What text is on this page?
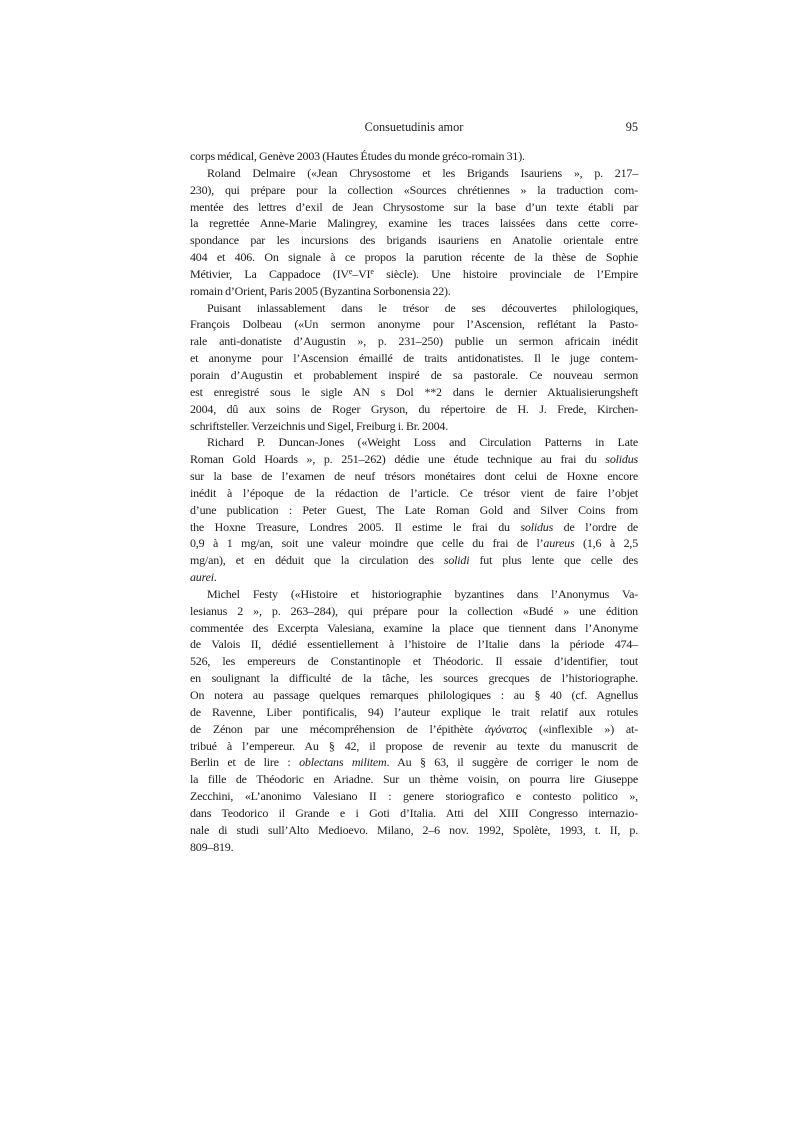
Consuetudinis amor	95
corps médical, Genève 2003 (Hautes Études du monde gréco-romain 31).
Roland Delmaire («Jean Chrysostome et les Brigands Isauriens », p. 217–
230), qui prépare pour la collection «Sources chrétiennes » la traduction com-
mentée des lettres d’exil de Jean Chrysostome sur la base d’un texte établi par
la regrettée Anne-Marie Malingrey, examine les traces laissées dans cette corre-
spondance par les incursions des brigands isauriens en Anatolie orientale entre
404 et 406. On signale à ce propos la parution récente de la thèse de Sophie
Métivier, La Cappadoce (IVe–VIe siècle). Une histoire provinciale de l’Empire
romain d’Orient, Paris 2005 (Byzantina Sorbonensia 22).
Puisant inlassablement dans le trésor de ses découvertes philologiques,
François Dolbeau («Un sermon anonyme pour l’Ascension, reflétant la Pasto-
rale anti-donatiste d’Augustin », p. 231–250) publie un sermon africain inédit
et anonyme pour l’Ascension émaillé de traits antidonatistes. Il le juge contem-
porain d’Augustin et probablement inspiré de sa pastorale. Ce nouveau sermon
est enregistré sous le sigle AN s Dol **2 dans le dernier Aktualisierungsheft
2004, dû aux soins de Roger Gryson, du répertoire de H. J. Frede, Kirchen-
schriftsteller. Verzeichnis und Sigel, Freiburg i. Br. 2004.
Richard P. Duncan-Jones («Weight Loss and Circulation Patterns in Late
Roman Gold Hoards », p. 251–262) dédie une étude technique au frai du solidus
sur la base de l’examen de neuf trésors monétaires dont celui de Hoxne encore
inédit à l’époque de la rédaction de l’article. Ce trésor vient de faire l’objet
d’une publication : Peter Guest, The Late Roman Gold and Silver Coins from
the Hoxne Treasure, Londres 2005. Il estime le frai du solidus de l’ordre de
0,9 à 1 mg/an, soit une valeur moindre que celle du frai de l’aureus (1,6 à 2,5
mg/an), et en déduit que la circulation des solidi fut plus lente que celle des
aurei.
Michel Festy («Histoire et historiographie byzantines dans l’Anonymus Va-
lesianus 2 », p. 263–284), qui prépare pour la collection «Budé » une édition
commentée des Excerpta Valesiana, examine la place que tiennent dans l’Anonyme
de Valois II, dédié essentiellement à l’histoire de l’Italie dans la période 474–
526, les empereurs de Constantinople et Théodoric. Il essaie d’identifier, tout
en soulignant la difficulté de la tâche, les sources grecques de l’historiographe.
On notera au passage quelques remarques philologiques : au § 40 (cf. Agnellus
de Ravenne, Liber pontificalis, 94) l’auteur explique le trait relatif aux rotules
de Zénon par une mécompréhension de l’épithète ἀγόνατος («inflexible ») at-
tribué à l’empereur. Au § 42, il propose de revenir au texte du manuscrit de
Berlin et de lire : oblectans militem. Au § 63, il suggère de corriger le nom de
la fille de Théodoric en Ariadne. Sur un thème voisin, on pourra lire Giuseppe
Zecchini, «L’anonimo Valesiano II : genere storiografico e contesto politico »,
dans Teodorico il Grande e i Goti d’Italia. Atti del XIII Congresso internazio-
nale di studi sull’Alto Medioevo. Milano, 2–6 nov. 1992, Spolète, 1993, t. II, p.
809–819.
